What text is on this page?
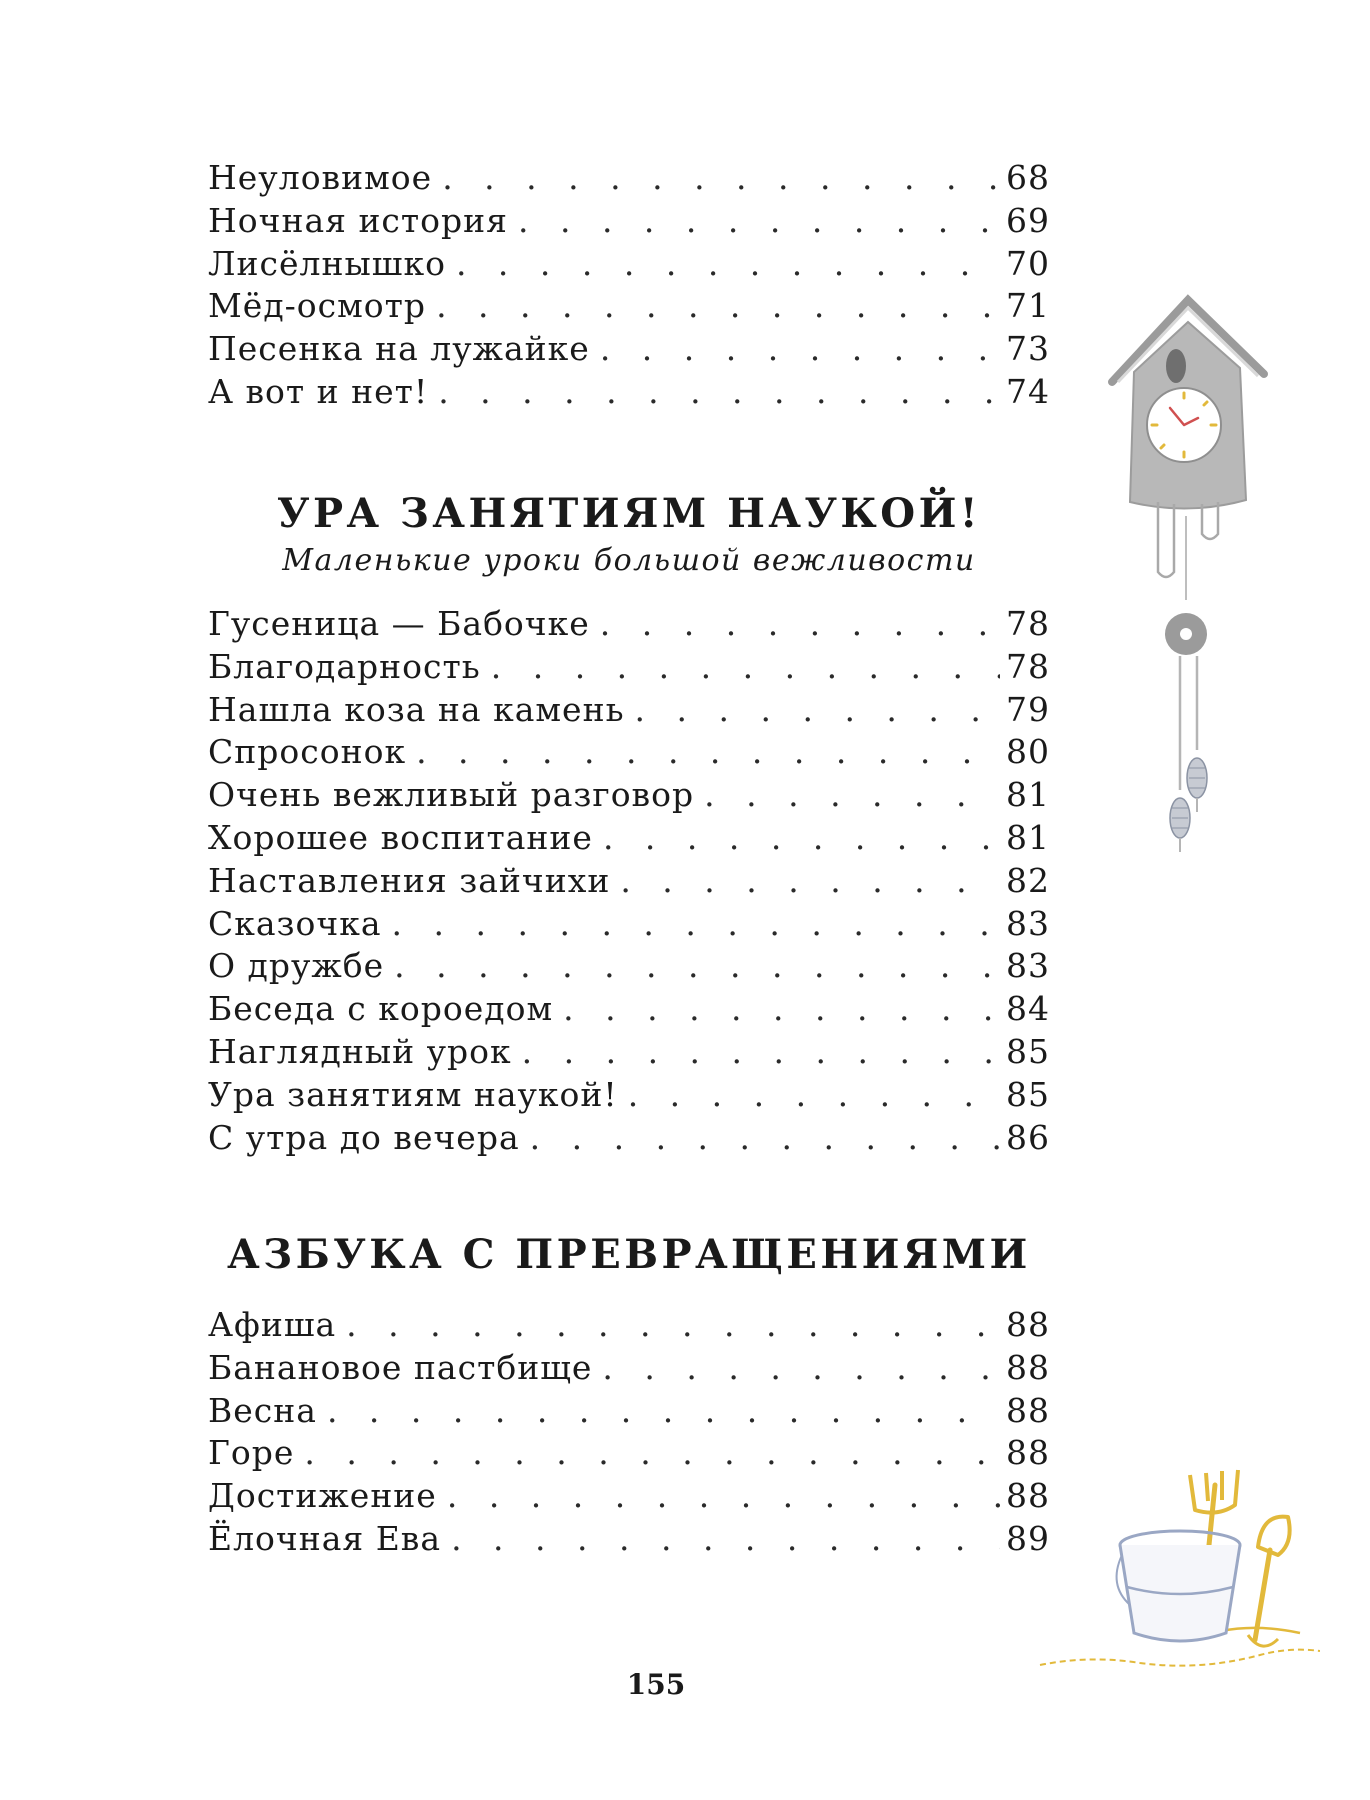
Неуловимое . . .	68
Ночная история . . .	69
Лисёлнышко . . .	70
Мёд-осмотр . . .	71
Песенка на лужайке . . .	73
А вот и нет! . . .	74
УРА ЗАНЯТИЯМ НАУКОЙ!
Маленькие уроки большой вежливости
Гусеница — Бабочке . . .	78
Благодарность . . .	78
Нашла коза на камень . . .	79
Спросонок . . .	80
Очень вежливый разговор . . .	81
Хорошее воспитание . . .	81
Наставления зайчихи . . .	82
Сказочка . . .	83
О дружбе . . .	83
Беседа с короедом . . .	84
Наглядный урок . . .	85
Ура занятиям наукой! . . .	85
С утра до вечера . . .	86
АЗБУКА С ПРЕВРАЩЕНИЯМИ
Афиша . . .	88
Банановое пастбище . . .	88
Весна . . .	88
Горе . . .	88
Достижение . . .	88
Ёлочная Ева . . .	89
155
